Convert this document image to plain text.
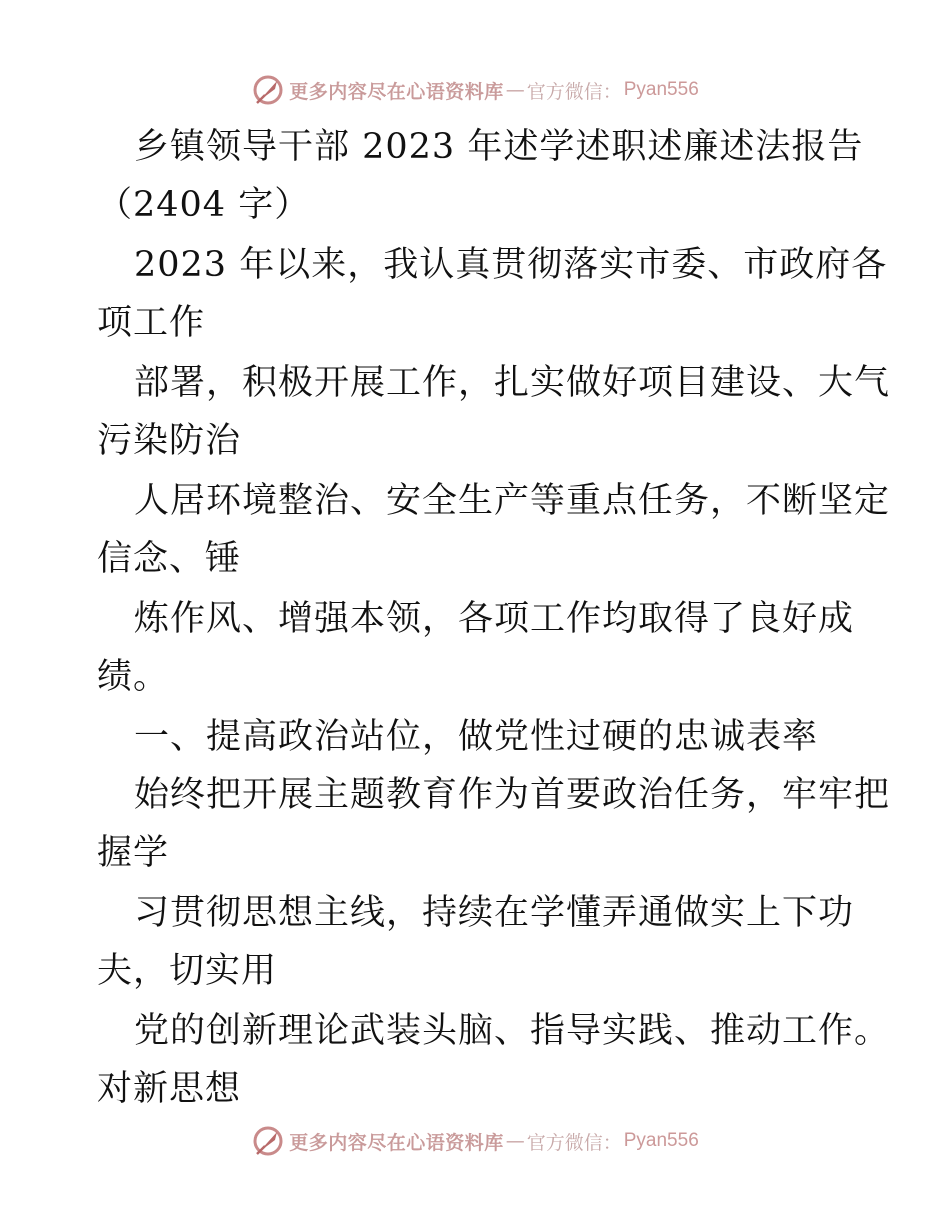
更多内容尽在心语资料库 — 官方微信： Pyan556
乡镇领导干部 2023 年述学述职述廉述法报告
（2404 字）
2023 年以来，我认真贯彻落实市委、市政府各
项工作
部署，积极开展工作，扎实做好项目建设、大气
污染防治
人居环境整治、安全生产等重点任务，不断坚定
信念、锤
炼作风、增强本领，各项工作均取得了良好成
绩。
一、提高政治站位，做党性过硬的忠诚表率
始终把开展主题教育作为首要政治任务，牢牢把
握学
习贯彻思想主线，持续在学懂弄通做实上下功
夫，切实用
党的创新理论武装头脑、指导实践、推动工作。
对新思想
更多内容尽在心语资料库 — 官方微信： Pyan556
